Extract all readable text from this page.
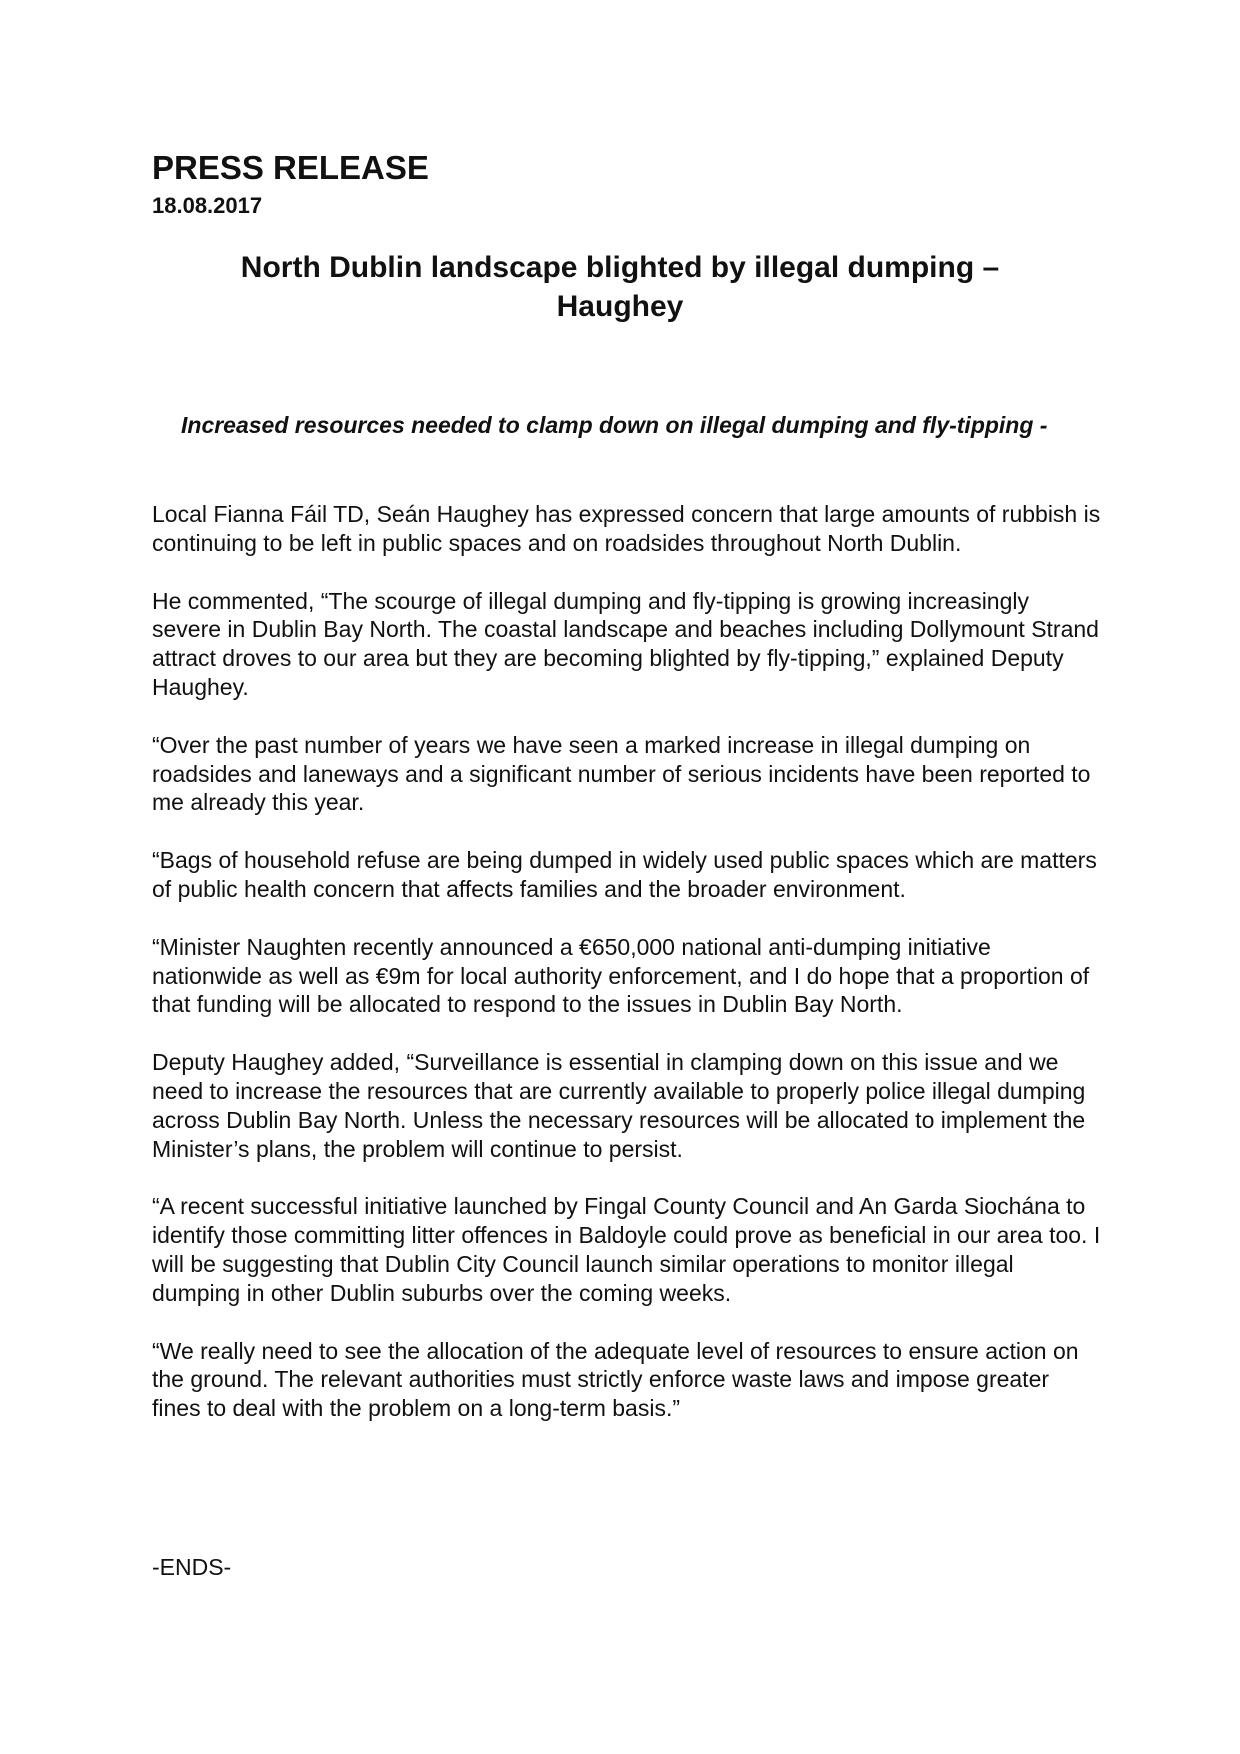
PRESS RELEASE
18.08.2017
North Dublin landscape blighted by illegal dumping –
Haughey

Increased resources needed to clamp down on illegal dumping and fly-tipping -

Local Fianna Fáil TD, Seán Haughey has expressed concern that large amounts of rubbish is continuing to be left in public spaces and on roadsides throughout North Dublin.

He commented, “The scourge of illegal dumping and fly-tipping is growing increasingly severe in Dublin Bay North. The coastal landscape and beaches including Dollymount Strand attract droves to our area but they are becoming blighted by fly-tipping,” explained Deputy Haughey.

“Over the past number of years we have seen a marked increase in illegal dumping on roadsides and laneways and a significant number of serious incidents have been reported to me already this year.

“Bags of household refuse are being dumped in widely used public spaces which are matters of public health concern that affects families and the broader environment.

“Minister Naughten recently announced a €650,000 national anti-dumping initiative nationwide as well as €9m for local authority enforcement, and I do hope that a proportion of that funding will be allocated to respond to the issues in Dublin Bay North.

Deputy Haughey added, “Surveillance is essential in clamping down on this issue and we need to increase the resources that are currently available to properly police illegal dumping across Dublin Bay North. Unless the necessary resources will be allocated to implement the Minister’s plans, the problem will continue to persist.

“A recent successful initiative launched by Fingal County Council and An Garda Siochána to identify those committing litter offences in Baldoyle could prove as beneficial in our area too. I will be suggesting that Dublin City Council launch similar operations to monitor illegal dumping in other Dublin suburbs over the coming weeks.

“We really need to see the allocation of the adequate level of resources to ensure action on the ground. The relevant authorities must strictly enforce waste laws and impose greater fines to deal with the problem on a long-term basis.”

-ENDS-
